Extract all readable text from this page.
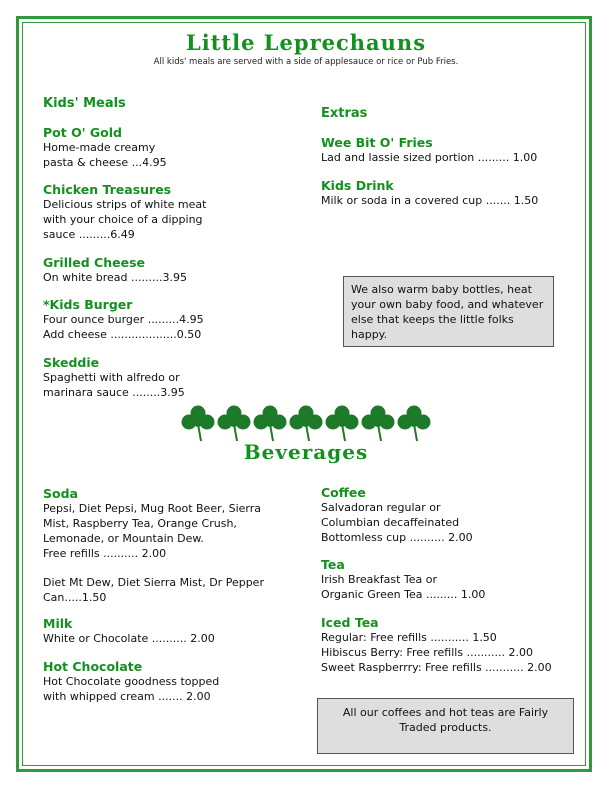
Little Leprechauns
All kids' meals are served with a side of applesauce or rice or Pub Fries.
Kids' Meals
Pot O' Gold
Home-made creamy
pasta & cheese ...4.95
Chicken Treasures
Delicious strips of white meat
with your choice of a dipping
sauce .........6.49
Grilled Cheese
On white bread .........3.95
*Kids Burger
Four ounce burger .........4.95
Add cheese ...................0.50
Skeddie
Spaghetti with alfredo or
marinara sauce ........3.95
Extras
Wee Bit O' Fries
Lad and lassie sized portion ......... 1.00
Kids Drink
Milk or soda in a covered cup ....... 1.50
We also warm baby bottles, heat your own baby food, and whatever else that keeps the little folks happy.
Beverages
Soda
Pepsi, Diet Pepsi, Mug Root Beer, Sierra
Mist, Raspberry Tea, Orange Crush,
Lemonade, or Mountain Dew.
Free refills .......... 2.00
Diet Mt Dew, Diet Sierra Mist, Dr Pepper
Can.....1.50
Milk
White or Chocolate .......... 2.00
Hot Chocolate
Hot Chocolate goodness topped
with whipped cream ....... 2.00
Coffee
Salvadoran regular or
Columbian decaffeinated
Bottomless cup .......... 2.00
Tea
Irish Breakfast Tea or
Organic Green Tea ......... 1.00
Iced Tea
Regular: Free refills ........... 1.50
Hibiscus Berry: Free refills ........... 2.00
Sweet Raspberrry: Free refills ........... 2.00
All our coffees and hot teas are Fairly Traded products.
